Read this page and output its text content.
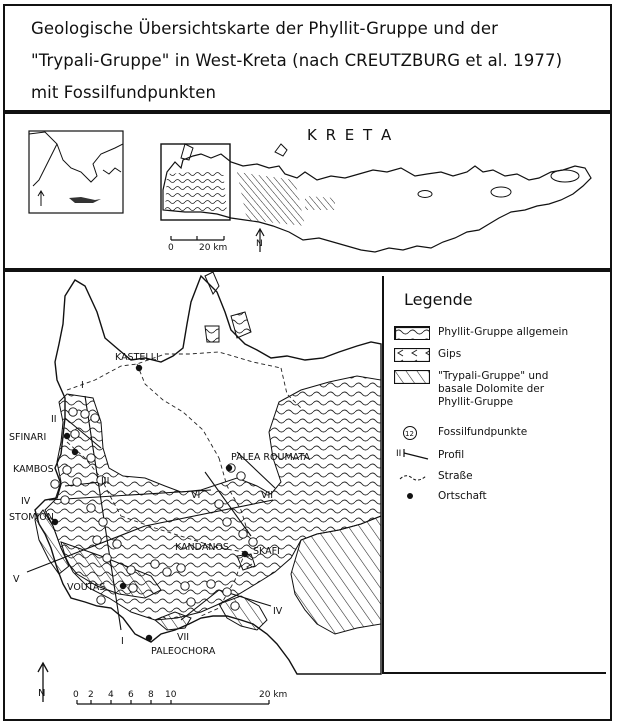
Geologische Übersichtskarte der Phyllit-Gruppe und der
"Trypali-Gruppe" in West-Kreta (nach CREUTZBURG et al. 1977)
mit Fossilfundpunkten
K R E T A
0	20 km	N
KASTELLI
SFINARI
KAMBOS
STOMION
VOUTAS
KANDANOS	SKAFI
PALEA ROUMATA
PALEOCHORA
I
I
II
III
IV
IV
V
VI	VII
VII
N	0 2 4 6 8 10	20 km
Legende
Phyllit-Gruppe allgemein
Gips
"Trypali-Gruppe" und basale Dolomite der Phyllit-Gruppe
12 Fossilfundpunkte
II	Profil
Straße
Ortschaft
